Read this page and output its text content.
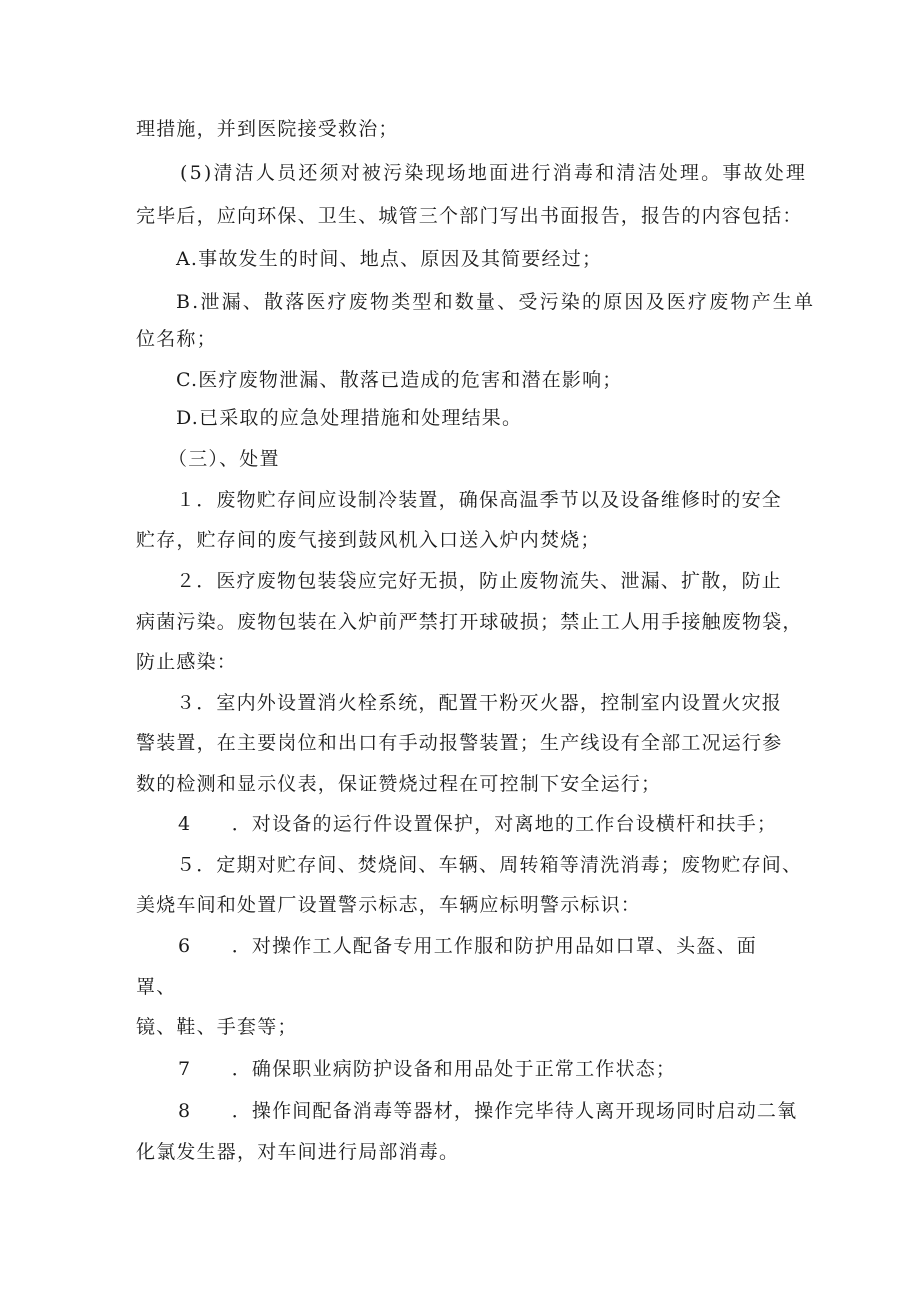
理措施，并到医院接受救治；

(5)清洁人员还须对被污染现场地面进行消毒和清洁处理。事故处理

完毕后，应向环保、卫生、城管三个部门写出书面报告，报告的内容包括：

A.事故发生的时间、地点、原因及其简要经过；

B.泄漏、散落医疗废物类型和数量、受污染的原因及医疗废物产生单

位名称；

C.医疗废物泄漏、散落已造成的危害和潜在影响；

D.已采取的应急处理措施和处理结果。

（三）、处置

１．废物贮存间应设制冷装置，确保高温季节以及设备维修时的安全

贮存，贮存间的废气接到鼓风机入口送入炉内焚烧；

２．医疗废物包装袋应完好无损，防止废物流失、泄漏、扩散，防止

病菌污染。废物包装在入炉前严禁打开球破损；禁止工人用手接触废物袋，

防止感染：

３．室内外设置消火栓系统，配置干粉灭火器，控制室内设置火灾报

警装置，在主要岗位和出口有手动报警装置；生产线设有全部工况运行参

数的检测和显示仪表，保证赞烧过程在可控制下安全运行；

4　　．对设备的运行件设置保护，对离地的工作台设横杆和扶手；

５．定期对贮存间、焚烧间、车辆、周转箱等清洗消毒；废物贮存间、

美烧车间和处置厂设置警示标志，车辆应标明警示标识：

6　　．对操作工人配备专用工作服和防护用品如口罩、头盔、面

罩、

镜、鞋、手套等；

7　　．确保职业病防护设备和用品处于正常工作状态；

8　　．操作间配备消毒等器材，操作完毕待人离开现场同时启动二氧

化氯发生器，对车间进行局部消毒。
